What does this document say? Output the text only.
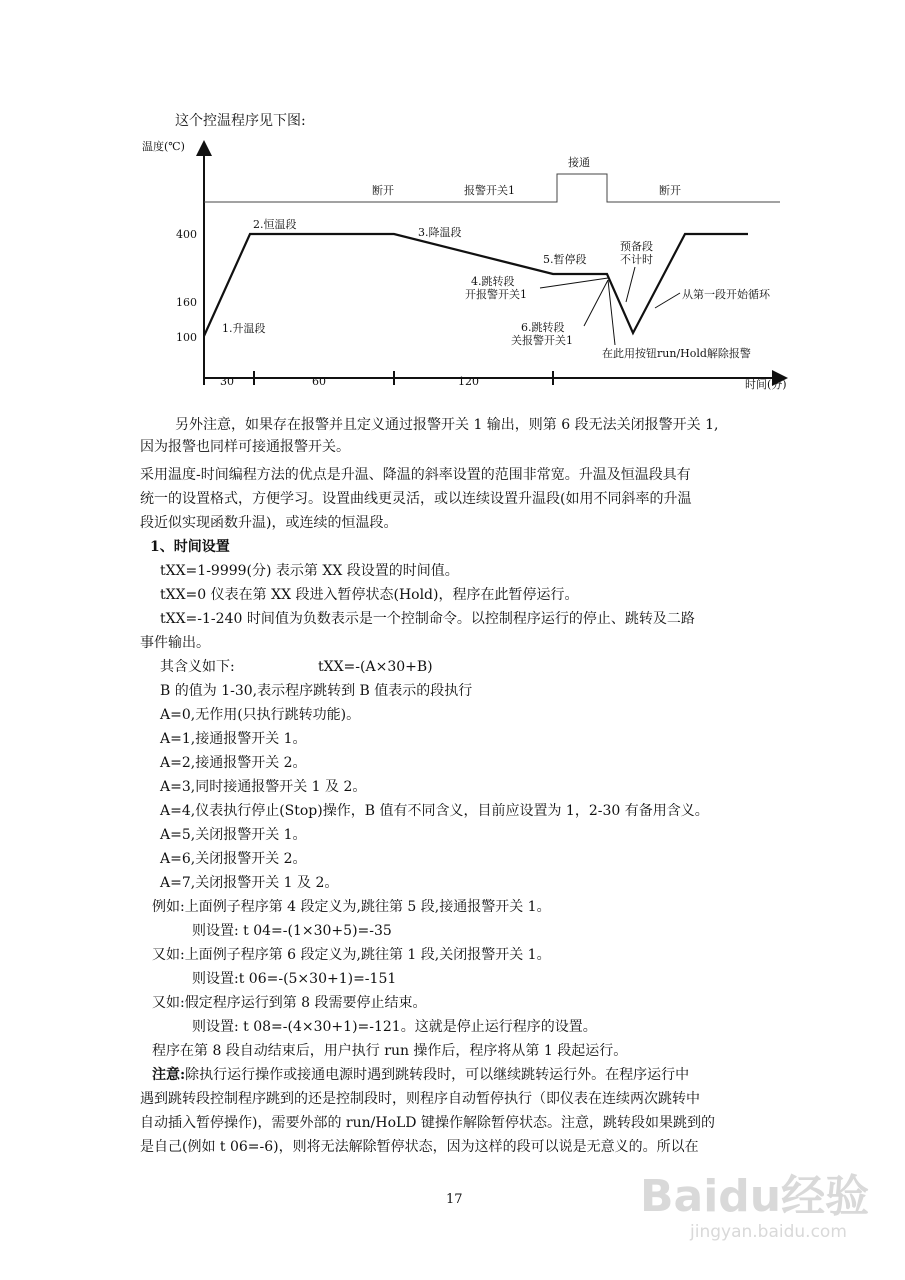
这个控温程序见下图:
温度(℃)
时间(分)
400
160
100
30	60	120
断开	报警开关1
接通
断开
1.升温段
2.恒温段
3.降温段
4.跳转段
开报警开关1
5.暂停段
6.跳转段
关报警开关1
预备段
不计时
从第一段开始循环
在此用按钮run/Hold解除报警
另外注意，如果存在报警并且定义通过报警开关 1 输出，则第 6 段无法关闭报警开关 1,
因为报警也同样可接通报警开关。
采用温度-时间编程方法的优点是升温、降温的斜率设置的范围非常宽。升温及恒温段具有
统一的设置格式，方便学习。设置曲线更灵活，或以连续设置升温段(如用不同斜率的升温
段近似实现函数升温)，或连续的恒温段。
1、时间设置
tXX=1-9999(分) 表示第 XX 段设置的时间值。
tXX=0 仪表在第 XX 段进入暂停状态(Hold)，程序在此暂停运行。
tXX=-1-240 时间值为负数表示是一个控制命令。以控制程序运行的停止、跳转及二路
事件输出。
其含义如下:	tXX=-(A×30+B)
B 的值为 1-30,表示程序跳转到 B 值表示的段执行
A=0,无作用(只执行跳转功能)。
A=1,接通报警开关 1。
A=2,接通报警开关 2。
A=3,同时接通报警开关 1 及 2。
A=4,仪表执行停止(Stop)操作，B 值有不同含义，目前应设置为 1，2-30 有备用含义。
A=5,关闭报警开关 1。
A=6,关闭报警开关 2。
A=7,关闭报警开关 1 及 2。
例如:上面例子程序第 4 段定义为,跳往第 5 段,接通报警开关 1。
则设置: t 04=-(1×30+5)=-35
又如:上面例子程序第 6 段定义为,跳往第 1 段,关闭报警开关 1。
则设置:t 06=-(5×30+1)=-151
又如:假定程序运行到第 8 段需要停止结束。
则设置: t 08=-(4×30+1)=-121。这就是停止运行程序的设置。
程序在第 8 段自动结束后，用户执行 run 操作后，程序将从第 1 段起运行。
注意:除执行运行操作或接通电源时遇到跳转段时，可以继续跳转运行外。在程序运行中
遇到跳转段控制程序跳到的还是控制段时，则程序自动暂停执行（即仪表在连续两次跳转中
自动插入暂停操作)，需要外部的 run/HoLD 键操作解除暂停状态。注意，跳转段如果跳到的
是自己(例如 t 06=-6)，则将无法解除暂停状态，因为这样的段可以说是无意义的。所以在
17	Baidu经验
jingyan.baidu.com
